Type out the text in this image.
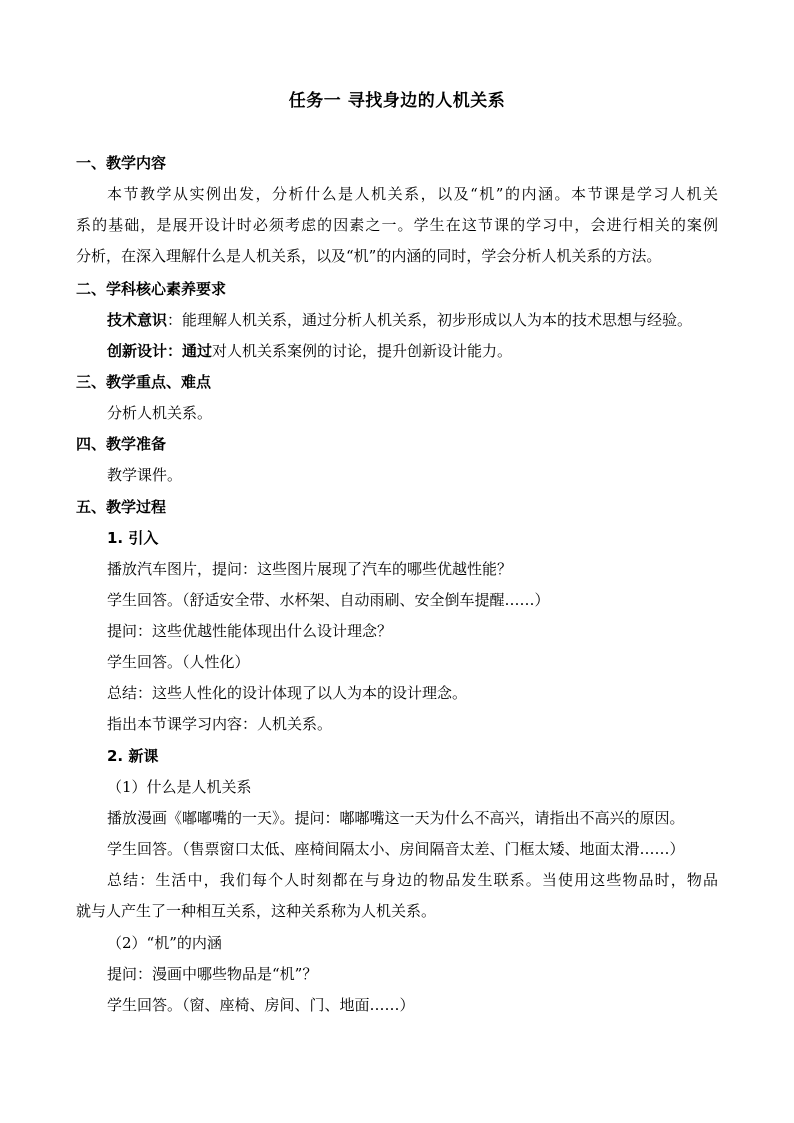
任务一 寻找身边的人机关系
一、教学内容
本节教学从实例出发，分析什么是人机关系，以及“机”的内涵。本节课是学习人机关
系的基础，是展开设计时必须考虑的因素之一。学生在这节课的学习中，会进行相关的案例
分析，在深入理解什么是人机关系，以及“机”的内涵的同时，学会分析人机关系的方法。
二、学科核心素养要求
技术意识：能理解人机关系，通过分析人机关系，初步形成以人为本的技术思想与经验。
创新设计：通过对人机关系案例的讨论，提升创新设计能力。
三、教学重点、难点
分析人机关系。
四、教学准备
教学课件。
五、教学过程
1. 引入
播放汽车图片，提问：这些图片展现了汽车的哪些优越性能？
学生回答。（舒适安全带、水杯架、自动雨刷、安全倒车提醒……）
提问：这些优越性能体现出什么设计理念？
学生回答。（人性化）
总结：这些人性化的设计体现了以人为本的设计理念。
指出本节课学习内容：人机关系。
2. 新课
（1）什么是人机关系
播放漫画《嘟嘟嘴的一天》。提问：嘟嘟嘴这一天为什么不高兴，请指出不高兴的原因。
学生回答。（售票窗口太低、座椅间隔太小、房间隔音太差、门框太矮、地面太滑……）
总结：生活中，我们每个人时刻都在与身边的物品发生联系。当使用这些物品时，物品
就与人产生了一种相互关系，这种关系称为人机关系。
（2）“机”的内涵
提问：漫画中哪些物品是“机”？
学生回答。（窗、座椅、房间、门、地面……）
